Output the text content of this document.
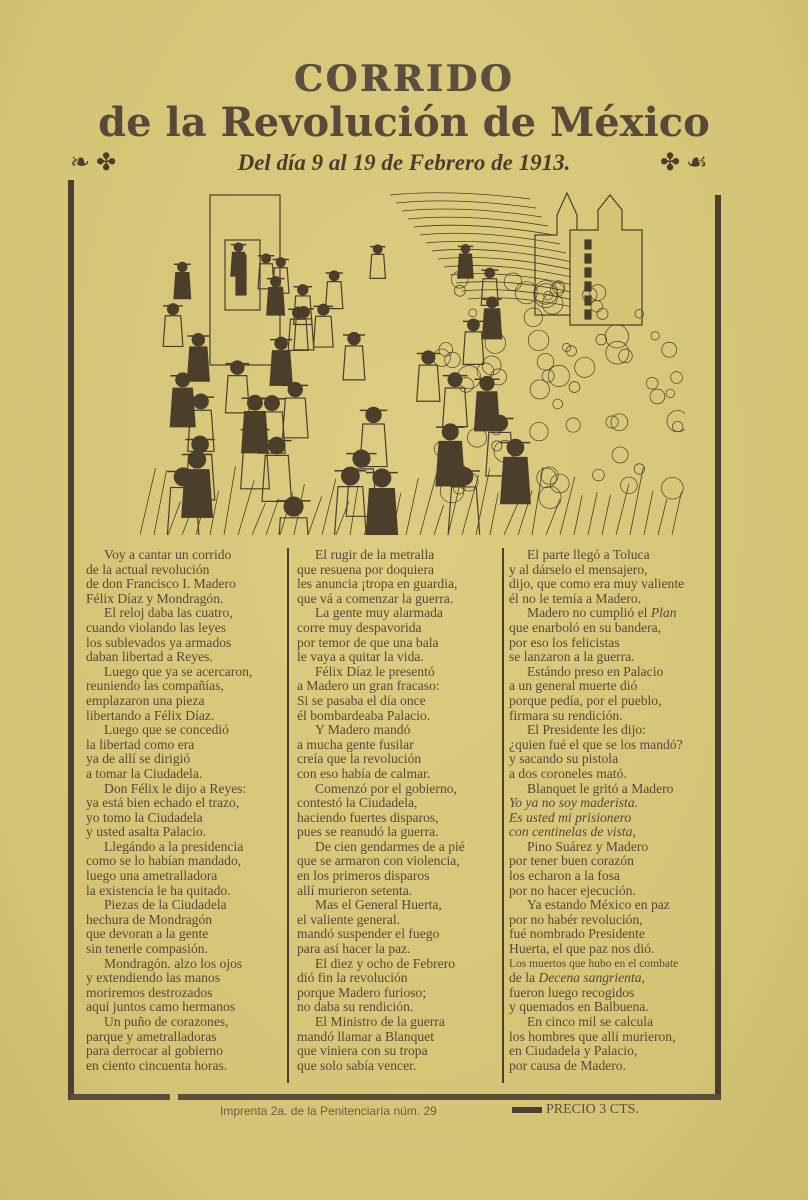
CORRIDO
de la Revolución de México
❧ ✤	Del día 9 al 19 de Febrero de 1913.	✤ ☙
Voy a cantar un corrido
de la actual revolución
de don Francisco I. Madero
Félix Díaz y Mondragón.
El reloj daba las cuatro,
cuando violando las leyes
los sublevados ya armados
daban libertad a Reyes.
Luego que ya se acercaron,
reuniendo las compañías,
emplazaron una pieza
libertando a Félix Díaz.
Luego que se concedió
la libertad como era
ya de allí se dirigió
a tomar la Ciudadela.
Don Félix le dijo a Reyes:
ya está bien echado el trazo,
yo tomo la Ciudadela
y usted asalta Palacio.
Llegándo a la presidencia
como se lo habían mandado,
luego una ametralladora
la existencia le ha quitado.
Piezas de la Ciudadela
hechura de Mondragón
que devoran a la gente
sin tenerle compasión.
Mondragón. alzo los ojos
y extendiendo las manos
moriremos destrozados
aquí juntos camo hermanos
Un puño de corazones,
parque y ametralladoras
para derrocar al gobierno
en ciento cincuenta horas.
El rugir de la metralla
que resuena por doquiera
les anuncia ¡tropa en guardia,
que vá a comenzar la guerra.
La gente muy alarmada
corre muy despavorida
por temor de que una bala
le vaya a quitar la vida.
Félix Díaz le presentó
a Madero un gran fracaso:
Si se pasaba el día once
él bombardeaba Palacio.
Y Madero mandó
a mucha gente fusilar
creía que la revolución
con eso había de calmar.
Comenzó por el gobierno,
contestó la Ciudadela,
haciendo fuertes disparos,
pues se reanudó la guerra.
De cien gendarmes de a pié
que se armaron con violencia,
en los primeros disparos
allí murieron setenta.
Mas el General Huerta,
el valiente general.
mandó suspender el fuego
para así hacer la paz.
El diez y ocho de Febrero
dió fin la revolución
porque Madero furioso;
no daba su rendición.
El Ministro de la guerra
mandó llamar a Blanquet
que viniera con su tropa
que solo sabía vencer.
El parte llegó a Toluca
y al dárselo el mensajero,
dijo, que como era muy valiente
él no le temía a Madero.
Madero no cumplió el Plan
que enarboló en su bandera,
por eso los felicistas
se lanzaron a la guerra.
Estándo preso en Palacio
a un general muerte dió
porque pedía, por el pueblo,
firmara su rendición.
El Presidente les dijo:
¿quien fué el que se los mandó?
y sacando su pistola
a dos coroneles mató.
Blanquet le gritó a Madero
Yo ya no soy maderista.
Es usted mi prisionero
con centinelas de vista,
Pino Suárez y Madero
por tener buen corazón
los echaron a la fosa
por no hacer ejecución.
Ya estando México en paz
por no habér revolución,
fué nombrado Presidente
Huerta, el que paz nos dió.
Los muertos que hubo en el combate
de la Decena sangrienta,
fueron luego recogidos
y quemados en Balbuena.
En cinco mil se calcula
los hombres que allí murieron,
en Ciudadela y Palacio,
por causa de Madero.
Imprenta 2a. de la Penitenciaría núm. 29	PRECIO 3 CTS.
